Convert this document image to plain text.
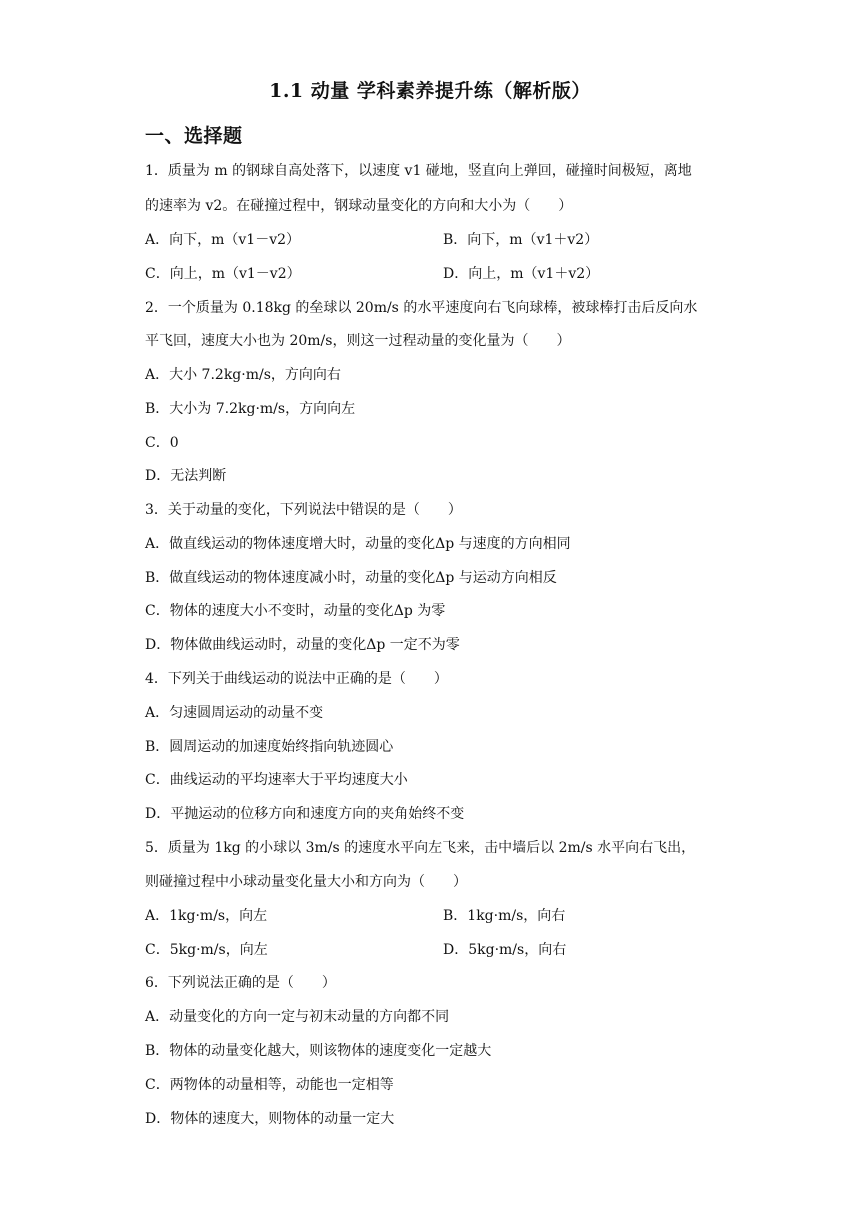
1.1 动量 学科素养提升练（解析版）
一、选择题
1．质量为 m 的钢球自高处落下，以速度 v1 碰地，竖直向上弹回，碰撞时间极短，离地
的速率为 v2。在碰撞过程中，钢球动量变化的方向和大小为（　　）
A．向下，m（v1－v2）	B．向下，m（v1＋v2）
C．向上，m（v1－v2）	D．向上，m（v1＋v2）
2．一个质量为 0.18kg 的垒球以 20m/s 的水平速度向右飞向球棒，被球棒打击后反向水
平飞回，速度大小也为 20m/s，则这一过程动量的变化量为（　　）
A．大小 7.2kg·m/s，方向向右
B．大小为 7.2kg·m/s，方向向左
C．0
D．无法判断
3．关于动量的变化，下列说法中错误的是（　　）
A．做直线运动的物体速度增大时，动量的变化Δp 与速度的方向相同
B．做直线运动的物体速度减小时，动量的变化Δp 与运动方向相反
C．物体的速度大小不变时，动量的变化Δp 为零
D．物体做曲线运动时，动量的变化Δp 一定不为零
4．下列关于曲线运动的说法中正确的是（　　）
A．匀速圆周运动的动量不变
B．圆周运动的加速度始终指向轨迹圆心
C．曲线运动的平均速率大于平均速度大小
D．平抛运动的位移方向和速度方向的夹角始终不变
5．质量为 1kg 的小球以 3m/s 的速度水平向左飞来，击中墙后以 2m/s 水平向右飞出，
则碰撞过程中小球动量变化量大小和方向为（　　）
A．1kg·m/s，向左	B．1kg·m/s，向右
C．5kg·m/s，向左	D．5kg·m/s，向右
6．下列说法正确的是（　　）
A．动量变化的方向一定与初末动量的方向都不同
B．物体的动量变化越大，则该物体的速度变化一定越大
C．两物体的动量相等，动能也一定相等
D．物体的速度大，则物体的动量一定大
